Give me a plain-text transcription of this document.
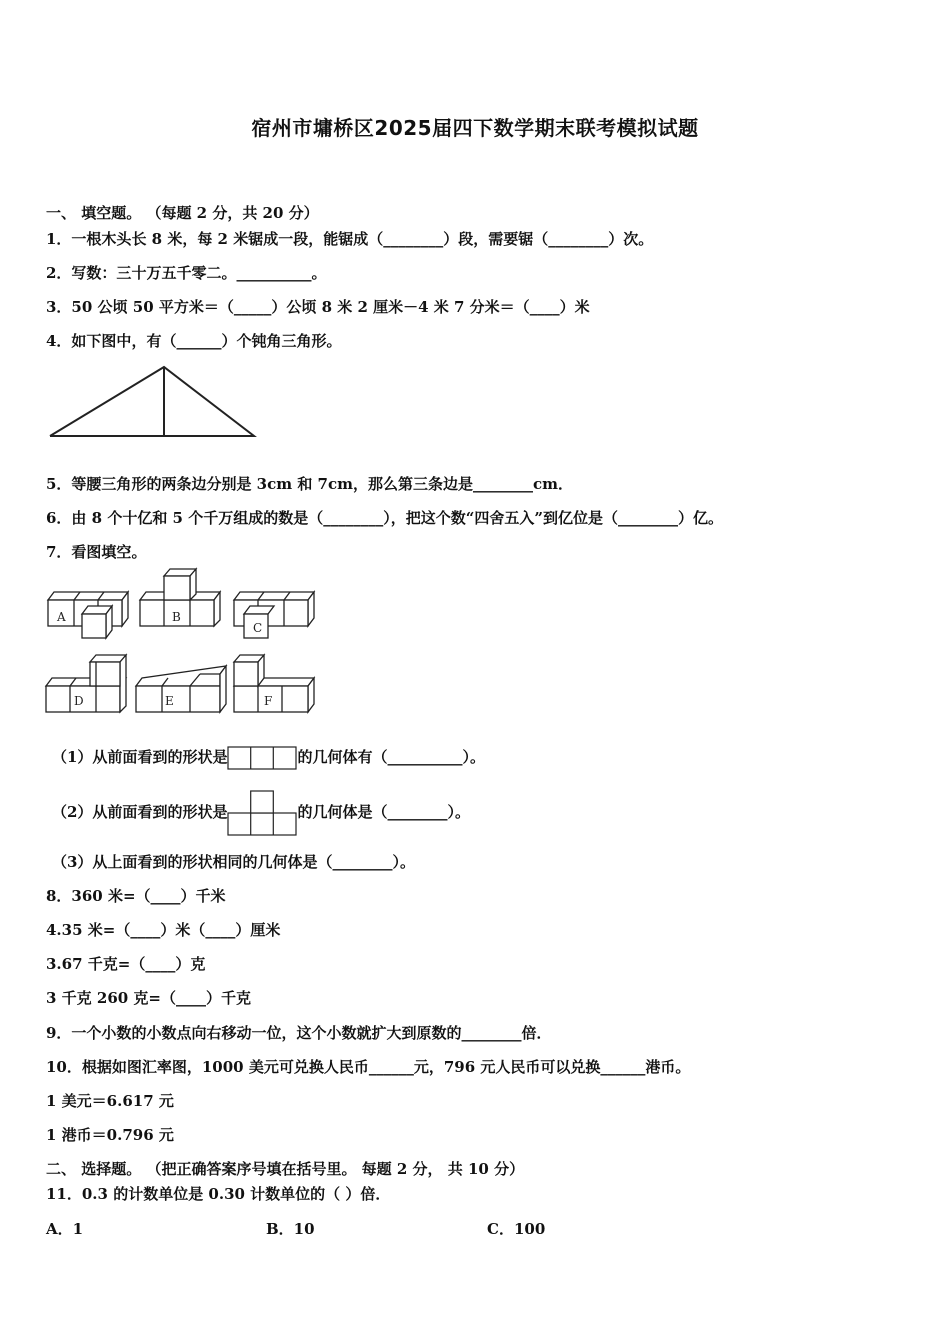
宿州市墉桥区2025届四下数学期末联考模拟试题
一、 填空题。 （每题 2 分，共 20 分）
1．一根木头长 8 米，每 2 米锯成一段，能锯成（________）段，需要锯（________）次。
2．写数：三十万五千零二。__________。
3．50 公顷 50 平方米＝（_____）公顷 8 米 2 厘米－4 米 7 分米＝（____）米
4．如下图中，有（______）个钝角三角形。
5．等腰三角形的两条边分别是 3cm 和 7cm，那么第三条边是________cm．
6．由 8 个十亿和 5 个千万组成的数是（________），把这个数“四舍五入”到亿位是（________）亿。
7．看图填空。
A	B
C
D	E	F
（1）从前面看到的形状是	的几何体有（__________）。
（2）从前面看到的形状是	的几何体是（________）。
（3）从上面看到的形状相同的几何体是（________）。
8．360 米=（____）千米
4.35 米=（____）米（____）厘米
3.67 千克=（____）克
3 千克 260 克=（____）千克
9．一个小数的小数点向右移动一位，这个小数就扩大到原数的________倍．
10．根据如图汇率图，1000 美元可兑换人民币______元，796 元人民币可以兑换______港币。
1 美元＝6.617 元
1 港币＝0.796 元
二、 选择题。 （把正确答案序号填在括号里。 每题 2 分， 共 10 分）
11．0.3 的计数单位是 0.30 计数单位的（ ）倍．
A．1	B．10	C．100
